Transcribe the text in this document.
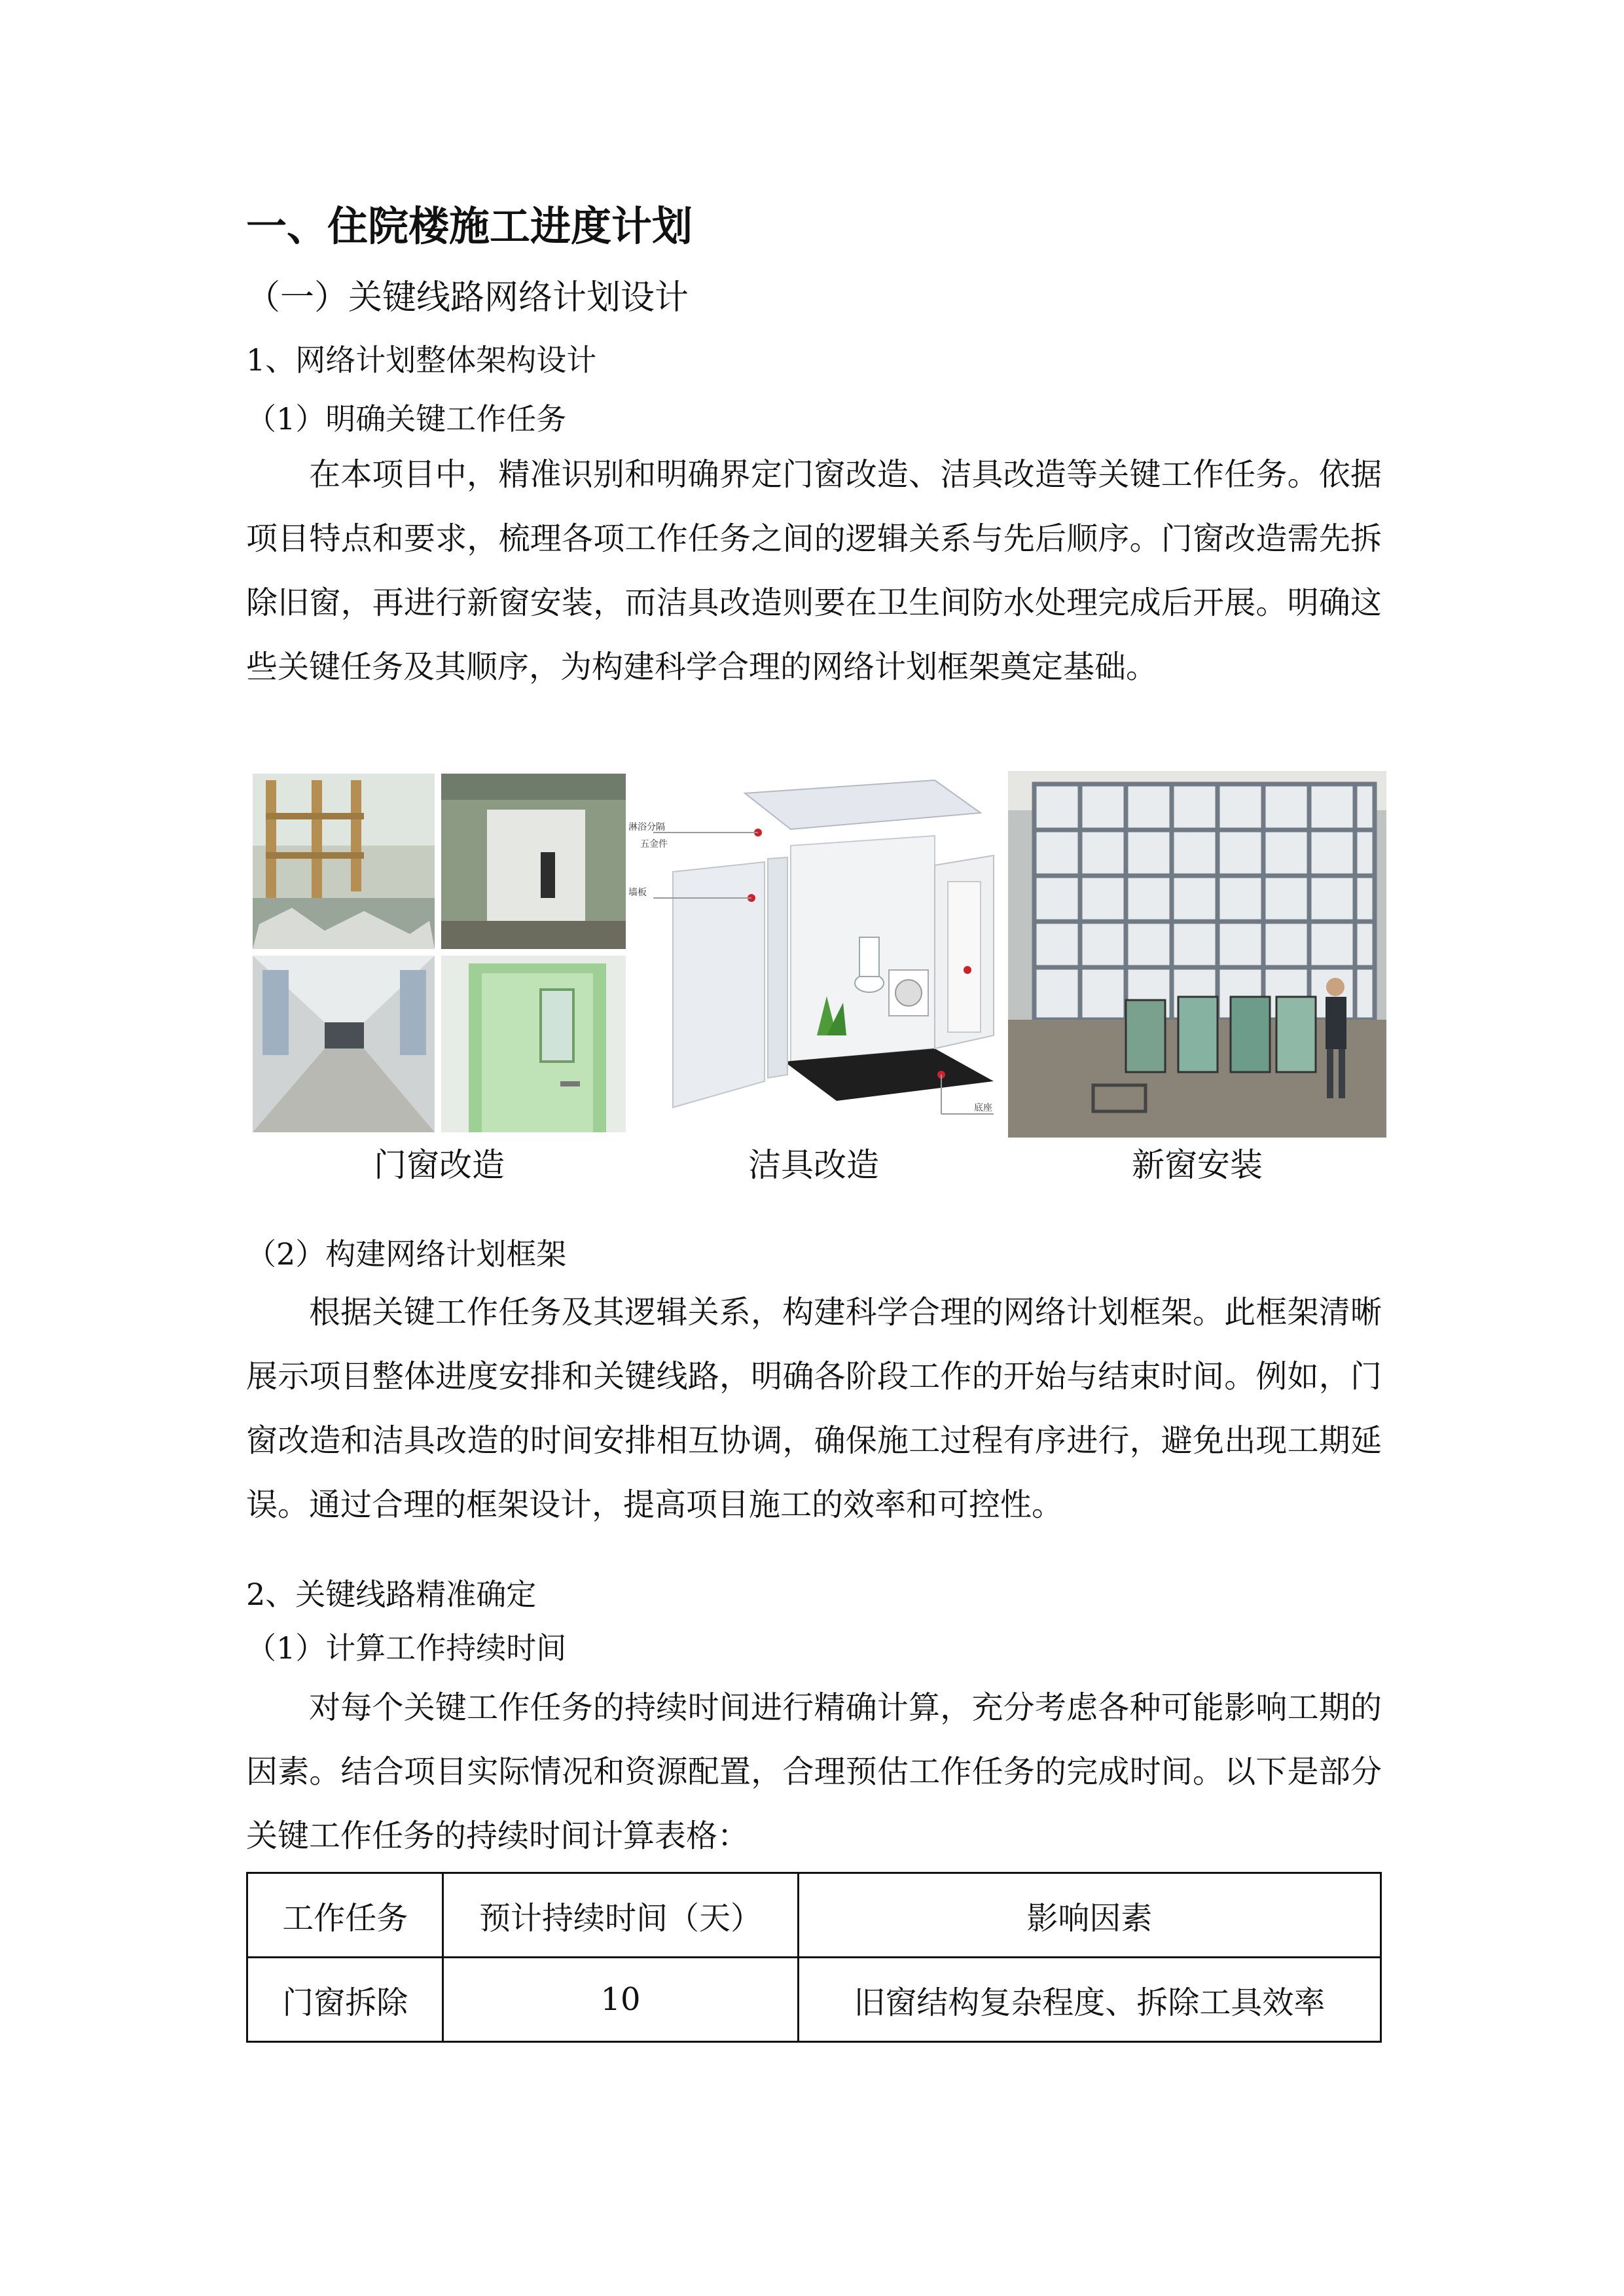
一、住院楼施工进度计划
（一）关键线路网络计划设计
1、网络计划整体架构设计
（1）明确关键工作任务

在本项目中，精准识别和明确界定门窗改造、洁具改造等关键工作任务。依据项目特点和要求，梳理各项工作任务之间的逻辑关系与先后顺序。门窗改造需先拆除旧窗，再进行新窗安装，而洁具改造则要在卫生间防水处理完成后开展。明确这些关键任务及其顺序，为构建科学合理的网络计划框架奠定基础。

淋浴分隔
五金件
墙板
底座
门窗改造	洁具改造	新窗安装
（2）构建网络计划框架

根据关键工作任务及其逻辑关系，构建科学合理的网络计划框架。此框架清晰展示项目整体进度安排和关键线路，明确各阶段工作的开始与结束时间。例如，门窗改造和洁具改造的时间安排相互协调，确保施工过程有序进行，避免出现工期延误。通过合理的框架设计，提高项目施工的效率和可控性。

2、关键线路精准确定
（1）计算工作持续时间

对每个关键工作任务的持续时间进行精确计算，充分考虑各种可能影响工期的因素。结合项目实际情况和资源配置，合理预估工作任务的完成时间。以下是部分关键工作任务的持续时间计算表格：

工作任务	预计持续时间（天）	影响因素
门窗拆除	10	旧窗结构复杂程度、拆除工具效率
